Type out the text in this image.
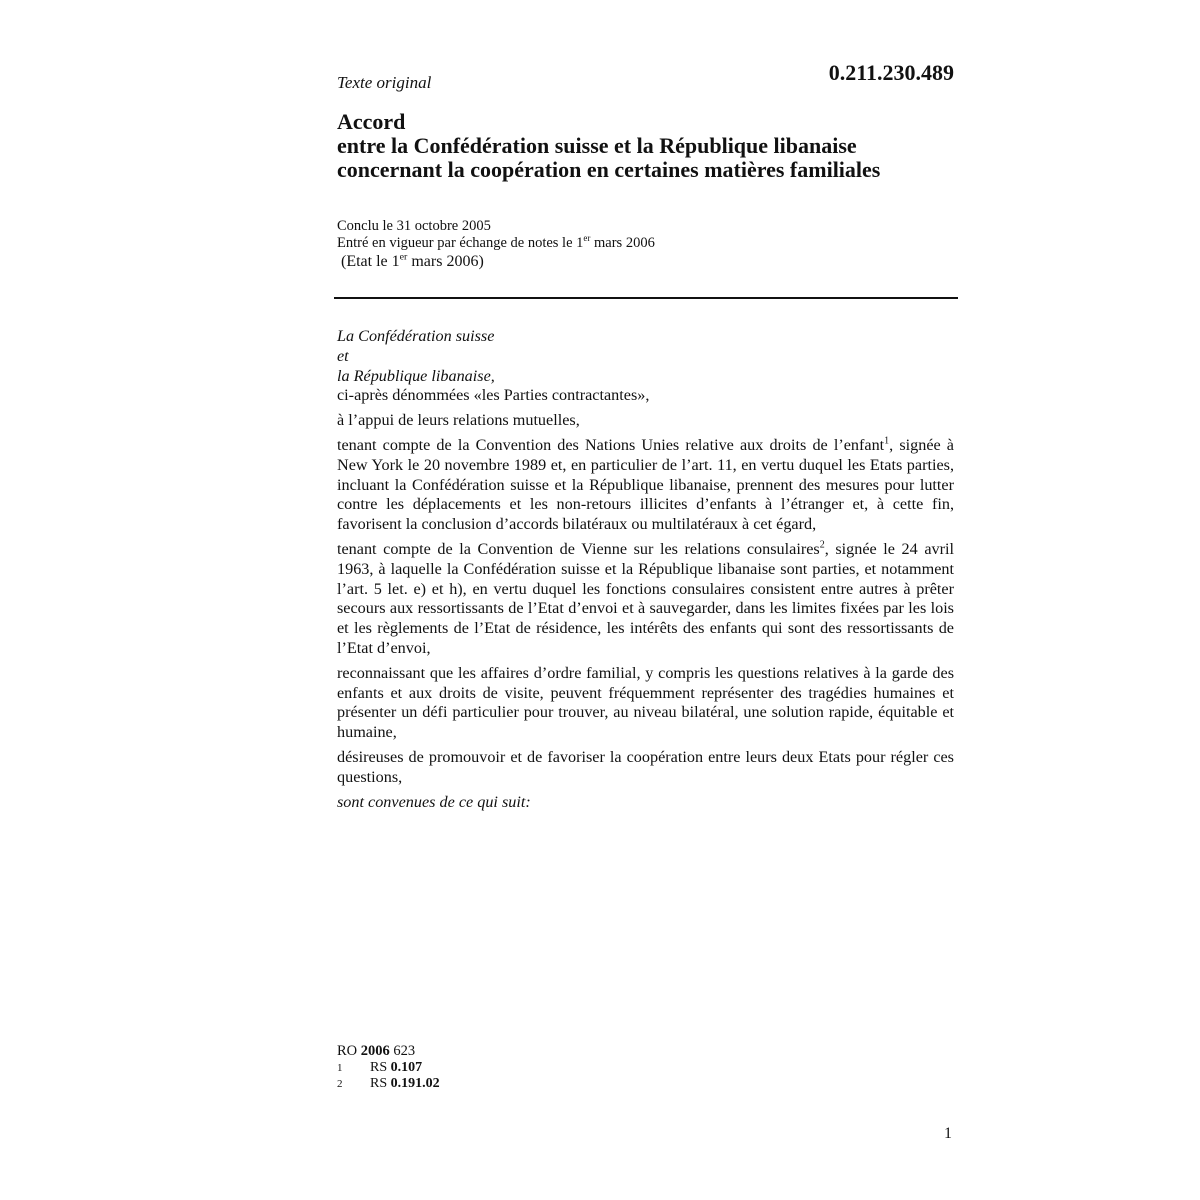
Texte original	0.211.230.489
Accord
entre la Confédération suisse et la République libanaise
concernant la coopération en certaines matières familiales
Conclu le 31 octobre 2005
Entré en vigueur par échange de notes le 1er mars 2006
(Etat le 1er mars 2006)
La Confédération suisse
et
la République libanaise,

ci-après dénommées «les Parties contractantes»,

à l’appui de leurs relations mutuelles,

tenant compte de la Convention des Nations Unies relative aux droits de l’enfant$^1$, signée à New York le 20 novembre 1989 et, en particulier de l’art. 11, en vertu duquel les Etats parties, incluant la Confédération suisse et la République libanaise, prennent des mesures pour lutter contre les déplacements et les non-retours illicites d’enfants à l’étranger et, à cette fin, favorisent la conclusion d’accords bilatéraux ou multilatéraux à cet égard,

tenant compte de la Convention de Vienne sur les relations consulaires$^2$, signée le 24 avril 1963, à laquelle la Confédération suisse et la République libanaise sont parties, et notamment l’art. 5 let. e) et h), en vertu duquel les fonctions consulaires consistent entre autres à prêter secours aux ressortissants de l’Etat d’envoi et à sauvegarder, dans les limites fixées par les lois et les règlements de l’Etat de résidence, les intérêts des enfants qui sont des ressortissants de l’Etat d’envoi,

reconnaissant que les affaires d’ordre familial, y compris les questions relatives à la garde des enfants et aux droits de visite, peuvent fréquemment représenter des tragédies humaines et présenter un défi particulier pour trouver, au niveau bilatéral, une solution rapide, équitable et humaine,

désireuses de promouvoir et de favoriser la coopération entre leurs deux Etats pour régler ces questions,

sont convenues de ce qui suit:
RO 2006 623
1	RS 0.107
2	RS 0.191.02
1
